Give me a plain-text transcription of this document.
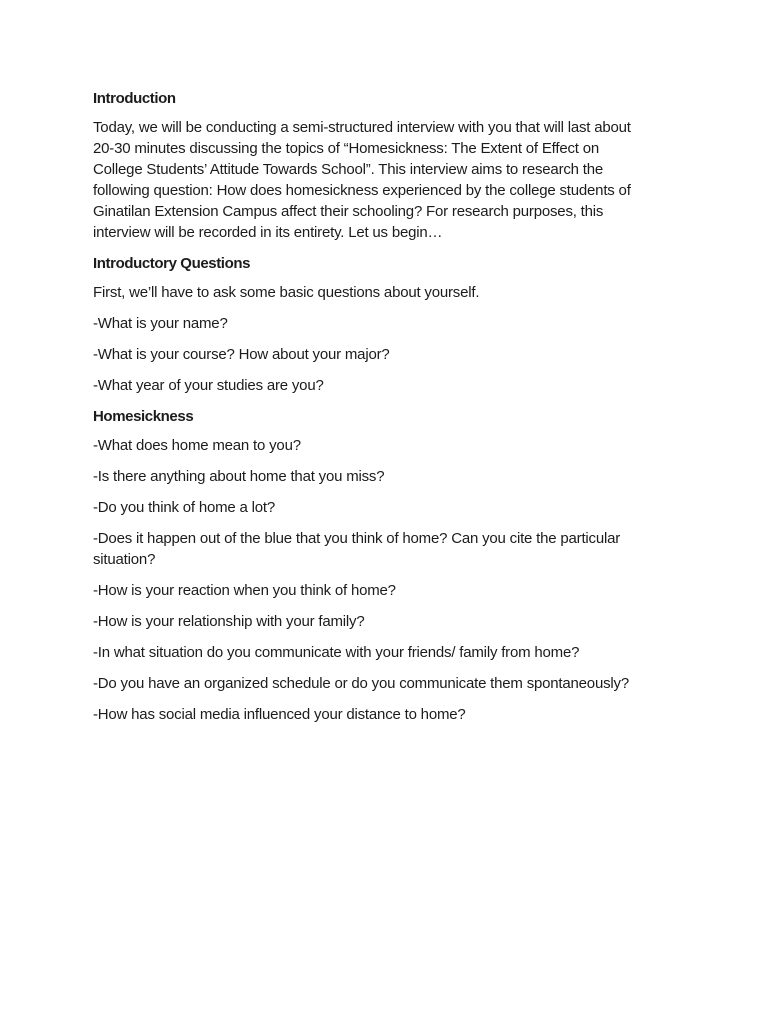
Introduction
Today, we will be conducting a semi-structured interview with you that will last about 20-30 minutes discussing the topics of “Homesickness: The Extent of Effect on College Students’ Attitude Towards School”. This interview aims to research the following question: How does homesickness experienced by the college students of Ginatilan Extension Campus affect their schooling? For research purposes, this interview will be recorded in its entirety. Let us begin…
Introductory Questions
First, we’ll have to ask some basic questions about yourself.
-What is your name?
-What is your course? How about your major?
-What year of your studies are you?
Homesickness
-What does home mean to you?
-Is there anything about home that you miss?
-Do you think of home a lot?
-Does it happen out of the blue that you think of home? Can you cite the particular situation?
-How is your reaction when you think of home?
-How is your relationship with your family?
-In what situation do you communicate with your friends/ family from home?
-Do you have an organized schedule or do you communicate them spontaneously?
-How has social media influenced your distance to home?
